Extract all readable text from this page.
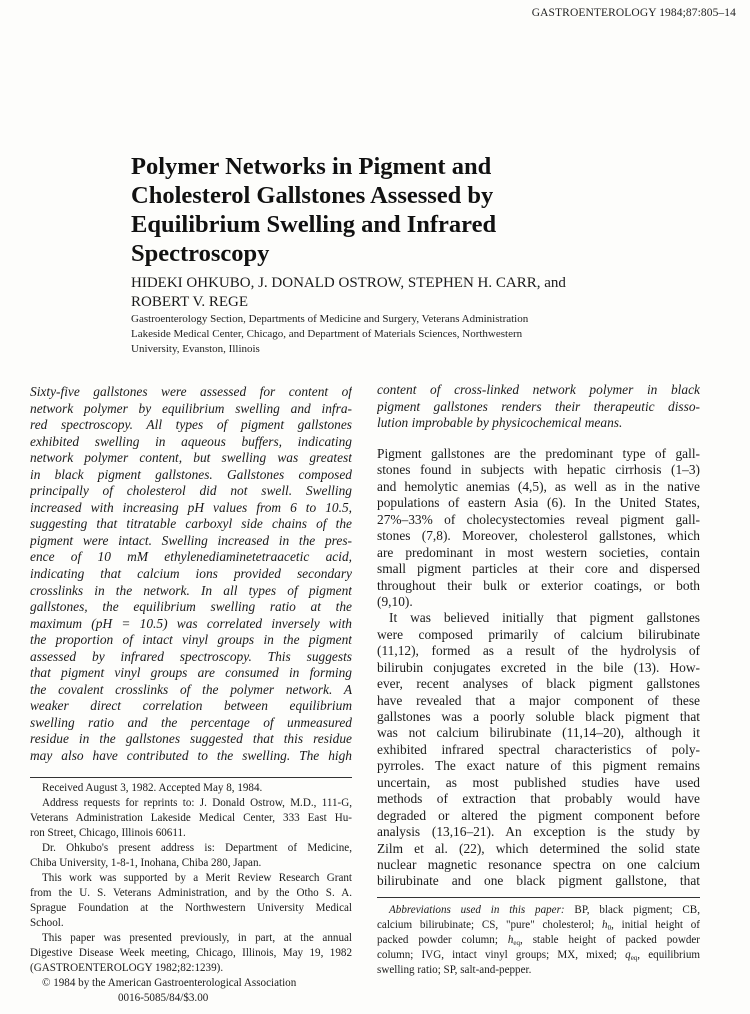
GASTROENTEROLOGY 1984;87:805–14
Polymer Networks in Pigment and
Cholesterol Gallstones Assessed by
Equilibrium Swelling and Infrared
Spectroscopy
HIDEKI OHKUBO, J. DONALD OSTROW, STEPHEN H. CARR, and
ROBERT V. REGE
Gastroenterology Section, Departments of Medicine and Surgery, Veterans Administration
Lakeside Medical Center, Chicago, and Department of Materials Sciences, Northwestern
University, Evanston, Illinois
Sixty-five gallstones were assessed for content of
network polymer by equilibrium swelling and infra-
red spectroscopy. All types of pigment gallstones
exhibited swelling in aqueous buffers, indicating
network polymer content, but swelling was greatest
in black pigment gallstones. Gallstones composed
principally of cholesterol did not swell. Swelling
increased with increasing pH values from 6 to 10.5,
suggesting that titratable carboxyl side chains of the
pigment were intact. Swelling increased in the pres-
ence of 10 mM ethylenediaminetetraacetic acid,
indicating that calcium ions provided secondary
crosslinks in the network. In all types of pigment
gallstones, the equilibrium swelling ratio at the
maximum (pH = 10.5) was correlated inversely with
the proportion of intact vinyl groups in the pigment
assessed by infrared spectroscopy. This suggests
that pigment vinyl groups are consumed in forming
the covalent crosslinks of the polymer network. A
weaker direct correlation between equilibrium
swelling ratio and the percentage of unmeasured
residue in the gallstones suggested that this residue
may also have contributed to the swelling. The high
Received August 3, 1982. Accepted May 8, 1984.
Address requests for reprints to: J. Donald Ostrow, M.D., 111-G,
Veterans Administration Lakeside Medical Center, 333 East Hu-
ron Street, Chicago, Illinois 60611.
Dr. Ohkubo's present address is: Department of Medicine,
Chiba University, 1-8-1, Inohana, Chiba 280, Japan.
This work was supported by a Merit Review Research Grant
from the U. S. Veterans Administration, and by the Otho S. A.
Sprague Foundation at the Northwestern University Medical
School.
This paper was presented previously, in part, at the annual
Digestive Disease Week meeting, Chicago, Illinois, May 19, 1982
(GASTROENTEROLOGY 1982;82:1239).
© 1984 by the American Gastroenterological Association
0016-5085/84/$3.00
content of cross-linked network polymer in black
pigment gallstones renders their therapeutic disso-
lution improbable by physicochemical means.
Pigment gallstones are the predominant type of gall-
stones found in subjects with hepatic cirrhosis (1–3)
and hemolytic anemias (4,5), as well as in the native
populations of eastern Asia (6). In the United States,
27%–33% of cholecystectomies reveal pigment gall-
stones (7,8). Moreover, cholesterol gallstones, which
are predominant in most western societies, contain
small pigment particles at their core and dispersed
throughout their bulk or exterior coatings, or both
(9,10).
It was believed initially that pigment gallstones
were composed primarily of calcium bilirubinate
(11,12), formed as a result of the hydrolysis of
bilirubin conjugates excreted in the bile (13). How-
ever, recent analyses of black pigment gallstones
have revealed that a major component of these
gallstones was a poorly soluble black pigment that
was not calcium bilirubinate (11,14–20), although it
exhibited infrared spectral characteristics of poly-
pyrroles. The exact nature of this pigment remains
uncertain, as most published studies have used
methods of extraction that probably would have
degraded or altered the pigment component before
analysis (13,16–21). An exception is the study by
Zilm et al. (22), which determined the solid state
nuclear magnetic resonance spectra on one calcium
bilirubinate and one black pigment gallstone, that
Abbreviations used in this paper: BP, black pigment; CB,
calcium bilirubinate; CS, "pure" cholesterol; $h_0$, initial height of
packed powder column; $h_{eq}$, stable height of packed powder
column; IVG, intact vinyl groups; MX, mixed; $q_{eq}$, equilibrium
swelling ratio; SP, salt-and-pepper.
